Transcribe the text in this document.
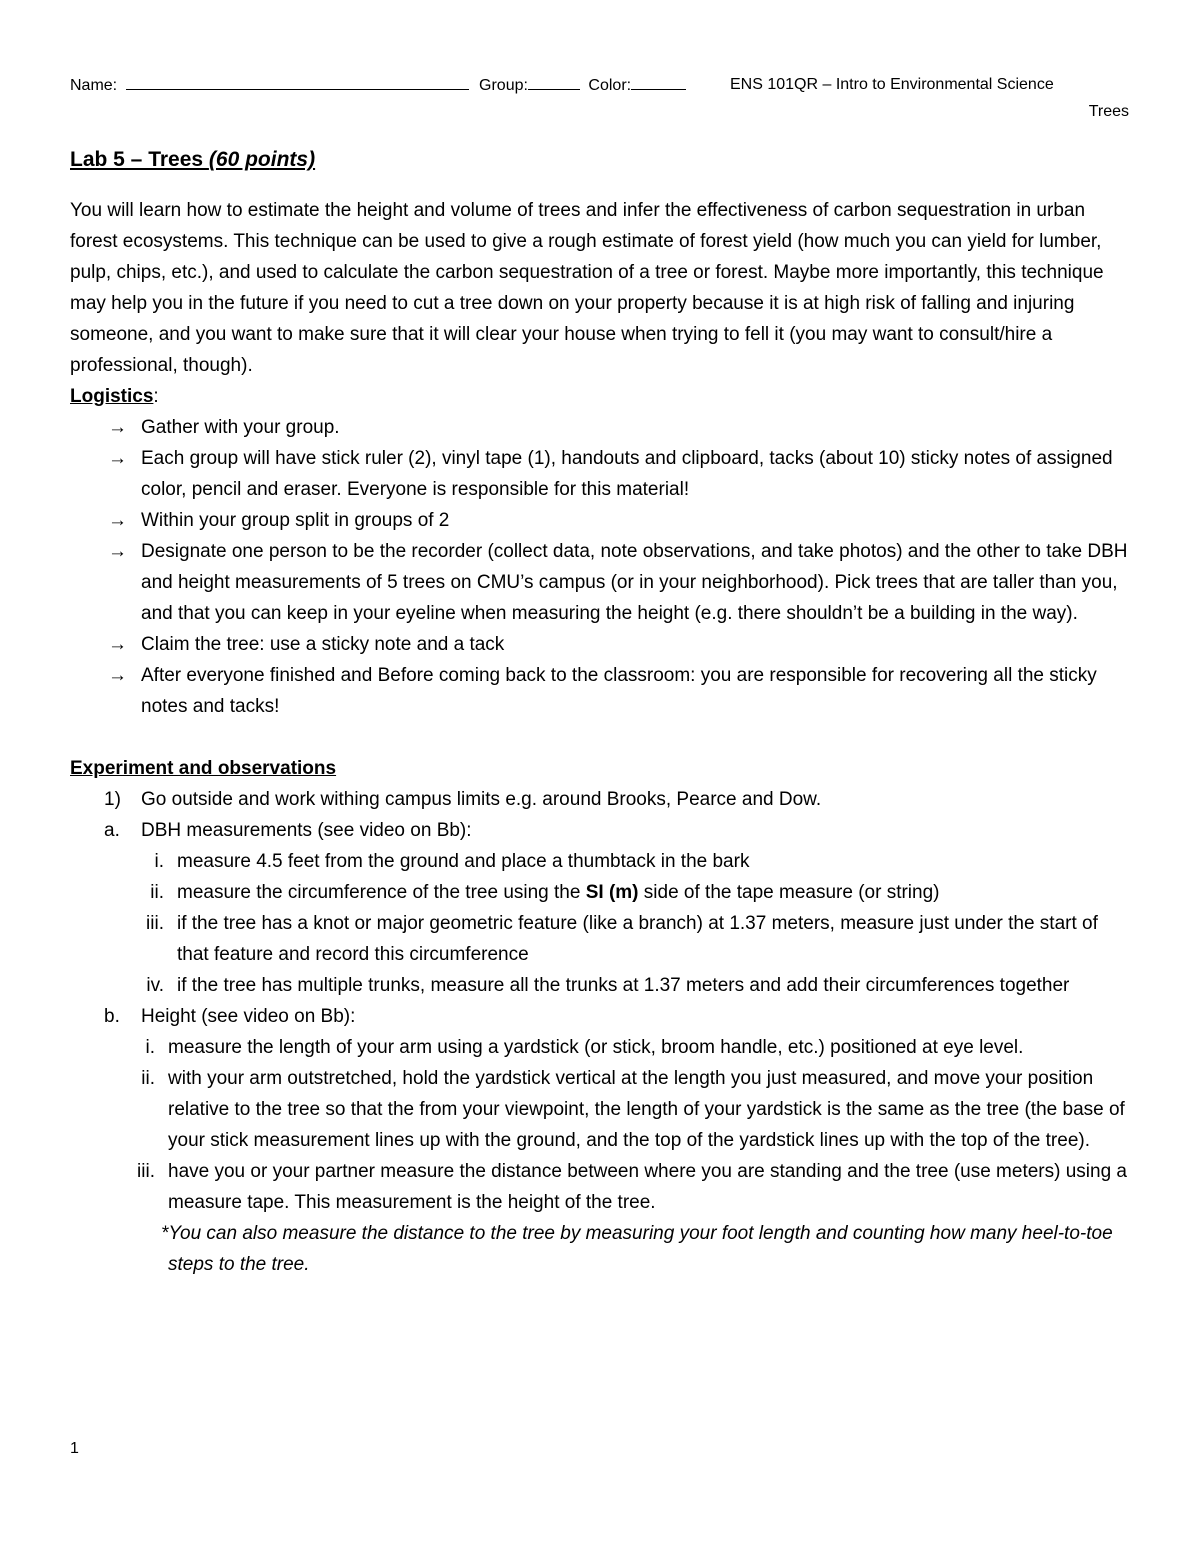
Name:	Group:	Color:	ENS 101QR – Intro to Environmental Science
Trees
Lab 5 – Trees (60 points)

You will learn how to estimate the height and volume of trees and infer the effectiveness of carbon sequestration in urban forest ecosystems. This technique can be used to give a rough estimate of forest yield (how much you can yield for lumber, pulp, chips, etc.), and used to calculate the carbon sequestration of a tree or forest. Maybe more importantly, this technique may help you in the future if you need to cut a tree down on your property because it is at high risk of falling and injuring someone, and you want to make sure that it will clear your house when trying to fell it (you may want to consult/hire a professional, though).

Logistics:

→ Gather with your group.
→ Each group will have stick ruler (2), vinyl tape (1), handouts and clipboard, tacks (about 10) sticky notes of assigned color, pencil and eraser. Everyone is responsible for this material!
→ Within your group split in groups of 2
→ Designate one person to be the recorder (collect data, note observations, and take photos) and the other to take DBH and height measurements of 5 trees on CMU’s campus (or in your neighborhood). Pick trees that are taller than you, and that you can keep in your eyeline when measuring the height (e.g. there shouldn’t be a building in the way).
→ Claim the tree: use a sticky note and a tack
→ After everyone finished and Before coming back to the classroom: you are responsible for recovering all the sticky notes and tacks!

Experiment and observations

1) Go outside and work withing campus limits e.g. around Brooks, Pearce and Dow.
a. DBH measurements (see video on Bb):
i. measure 4.5 feet from the ground and place a thumbtack in the bark
ii. measure the circumference of the tree using the SI (m) side of the tape measure (or string)
iii. if the tree has a knot or major geometric feature (like a branch) at 1.37 meters, measure just under the start of that feature and record this circumference
iv. if the tree has multiple trunks, measure all the trunks at 1.37 meters and add their circumferences together
b. Height (see video on Bb):
i. measure the length of your arm using a yardstick (or stick, broom handle, etc.) positioned at eye level.
ii. with your arm outstretched, hold the yardstick vertical at the length you just measured, and move your position relative to the tree so that the from your viewpoint, the length of your yardstick is the same as the tree (the base of your stick measurement lines up with the ground, and the top of the yardstick lines up with the top of the tree).
iii. have you or your partner measure the distance between where you are standing and the tree (use meters) using a measure tape. This measurement is the height of the tree.
*You can also measure the distance to the tree by measuring your foot length and counting how many heel-to-toe steps to the tree.
1
